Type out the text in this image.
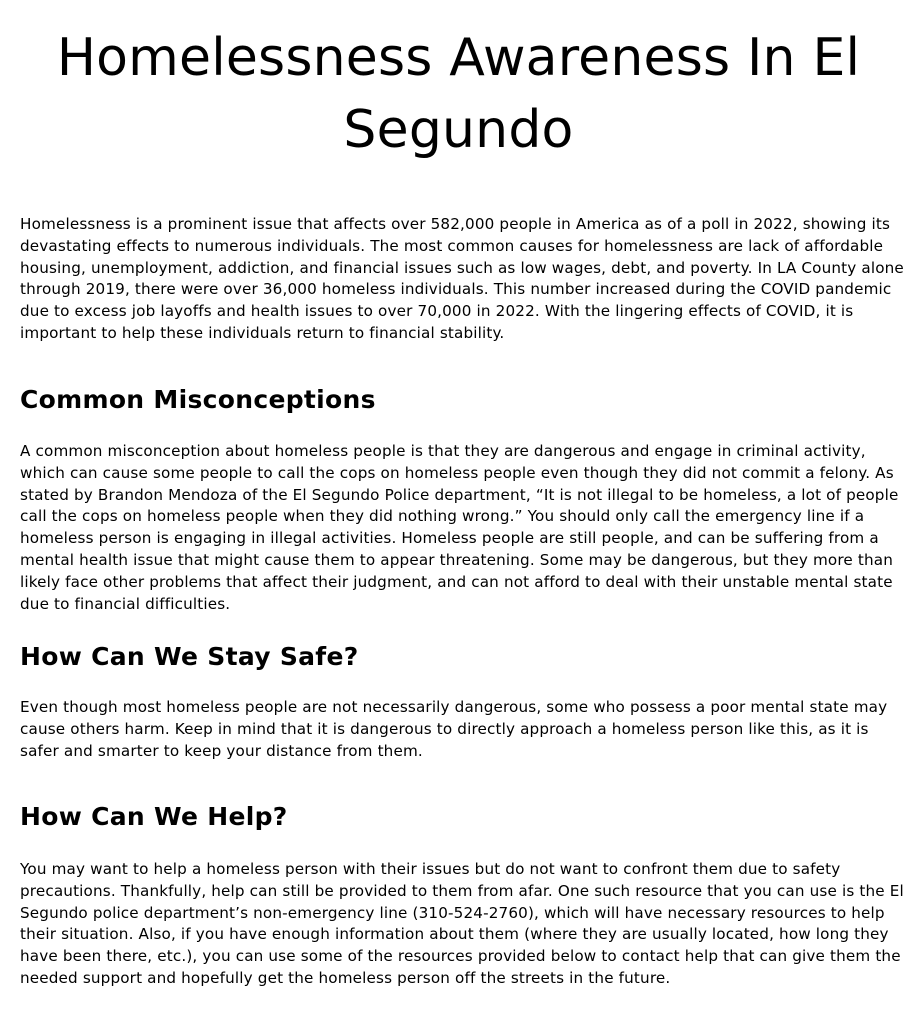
Homelessness Awareness In El Segundo

Homelessness is a prominent issue that affects over 582,000 people in America as of a poll in 2022, showing its devastating effects to numerous individuals. The most common causes for homelessness are lack of affordable housing, unemployment, addiction, and financial issues such as low wages, debt, and poverty. In LA County alone through 2019, there were over 36,000 homeless individuals. This number increased during the COVID pandemic due to excess job layoffs and health issues to over 70,000 in 2022. With the lingering effects of COVID, it is important to help these individuals return to financial stability.

Common Misconceptions

A common misconception about homeless people is that they are dangerous and engage in criminal activity, which can cause some people to call the cops on homeless people even though they did not commit a felony. As stated by Brandon Mendoza of the El Segundo Police department, “It is not illegal to be homeless, a lot of people call the cops on homeless people when they did nothing wrong.” You should only call the emergency line if a homeless person is engaging in illegal activities. Homeless people are still people, and can be suffering from a mental health issue that might cause them to appear threatening. Some may be dangerous, but they more than likely face other problems that affect their judgment, and can not afford to deal with their unstable mental state due to financial difficulties.

How Can We Stay Safe?

Even though most homeless people are not necessarily dangerous, some who possess a poor mental state may cause others harm. Keep in mind that it is dangerous to directly approach a homeless person like this, as it is safer and smarter to keep your distance from them.

How Can We Help?

You may want to help a homeless person with their issues but do not want to confront them due to safety precautions. Thankfully, help can still be provided to them from afar. One such resource that you can use is the El Segundo police department’s non-emergency line (310-524-2760), which will have necessary resources to help their situation. Also, if you have enough information about them (where they are usually located, how long they have been there, etc.), you can use some of the resources provided below to contact help that can give them the needed support and hopefully get the homeless person off the streets in the future.
